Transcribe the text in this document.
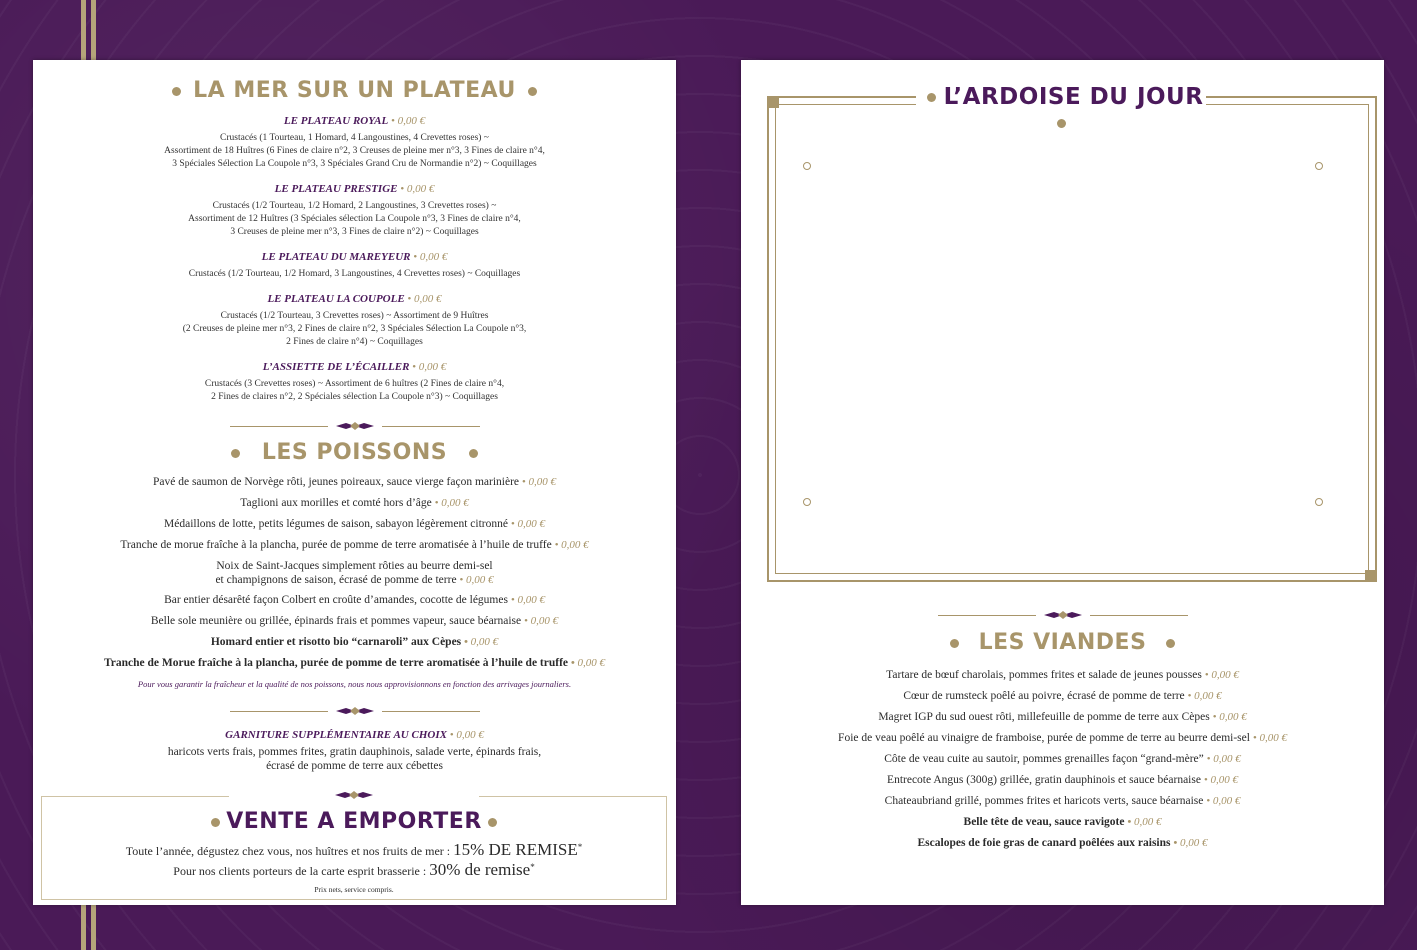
LA MER SUR UN PLATEAU
LE PLATEAU ROYAL • 0,00 €
Crustacés (1 Tourteau, 1 Homard, 4 Langoustines, 4 Crevettes roses) ~
Assortiment de 18 Huîtres (6 Fines de claire n°2, 3 Creuses de pleine mer n°3, 3 Fines de claire n°4,
3 Spéciales Sélection La Coupole n°3, 3 Spéciales Grand Cru de Normandie n°2) ~ Coquillages
LE PLATEAU PRESTIGE • 0,00 €
Crustacés (1/2 Tourteau, 1/2 Homard, 2 Langoustines, 3 Crevettes roses) ~
Assortiment de 12 Huîtres (3 Spéciales sélection La Coupole n°3, 3 Fines de claire n°4,
3 Creuses de pleine mer n°3, 3 Fines de claire n°2) ~ Coquillages
LE PLATEAU DU MAREYEUR • 0,00 €
Crustacés (1/2 Tourteau, 1/2 Homard, 3 Langoustines, 4 Crevettes roses) ~ Coquillages
LE PLATEAU LA COUPOLE • 0,00 €
Crustacés (1/2 Tourteau, 3 Crevettes roses) ~ Assortiment de 9 Huîtres
(2 Creuses de pleine mer n°3, 2 Fines de claire n°2, 3 Spéciales Sélection La Coupole n°3,
2 Fines de claire n°4) ~ Coquillages
L’ASSIETTE DE L’ÉCAILLER • 0,00 €
Crustacés (3 Crevettes roses) ~ Assortiment de 6 huîtres (2 Fines de claire n°4,
2 Fines de claires n°2, 2 Spéciales sélection La Coupole n°3) ~ Coquillages
LES POISSONS
Pavé de saumon de Norvège rôti, jeunes poireaux, sauce vierge façon marinière • 0,00 €
Taglioni aux morilles et comté hors d’âge • 0,00 €
Médaillons de lotte, petits légumes de saison, sabayon légèrement citronné • 0,00 €
Tranche de morue fraîche à la plancha, purée de pomme de terre aromatisée à l’huile de truffe • 0,00 €
Noix de Saint-Jacques simplement rôties au beurre demi-sel
et champignons de saison, écrasé de pomme de terre • 0,00 €
Bar entier désarêté façon Colbert en croûte d’amandes, cocotte de légumes • 0,00 €
Belle sole meunière ou grillée, épinards frais et pommes vapeur, sauce béarnaise • 0,00 €
Homard entier et risotto bio “carnaroli” aux Cèpes • 0,00 €
Tranche de Morue fraîche à la plancha, purée de pomme de terre aromatisée à l’huile de truffe • 0,00 €
Pour vous garantir la fraîcheur et la qualité de nos poissons, nous nous approvisionnons en fonction des arrivages journaliers.
GARNITURE SUPPLÉMENTAIRE AU CHOIX • 0,00 €
haricots verts frais, pommes frites, gratin dauphinois, salade verte, épinards frais,
écrasé de pomme de terre aux cébettes
VENTE A EMPORTER
Toute l’année, dégustez chez vous, nos huîtres et nos fruits de mer : 15% DE REMISE*
Pour nos clients porteurs de la carte esprit brasserie : 30% de remise*
Prix nets, service compris.
L’ARDOISE DU JOUR
LES VIANDES
Tartare de bœuf charolais, pommes frites et salade de jeunes pousses • 0,00 €
Cœur de rumsteck poêlé au poivre, écrasé de pomme de terre • 0,00 €
Magret IGP du sud ouest rôti, millefeuille de pomme de terre aux Cèpes • 0,00 €
Foie de veau poêlé au vinaigre de framboise, purée de pomme de terre au beurre demi-sel • 0,00 €
Côte de veau cuite au sautoir, pommes grenailles façon “grand-mère” • 0,00 €
Entrecote Angus (300g) grillée, gratin dauphinois et sauce béarnaise • 0,00 €
Chateaubriand grillé, pommes frites et haricots verts, sauce béarnaise • 0,00 €
Belle tête de veau, sauce ravigote • 0,00 €
Escalopes de foie gras de canard poêlées aux raisins • 0,00 €
